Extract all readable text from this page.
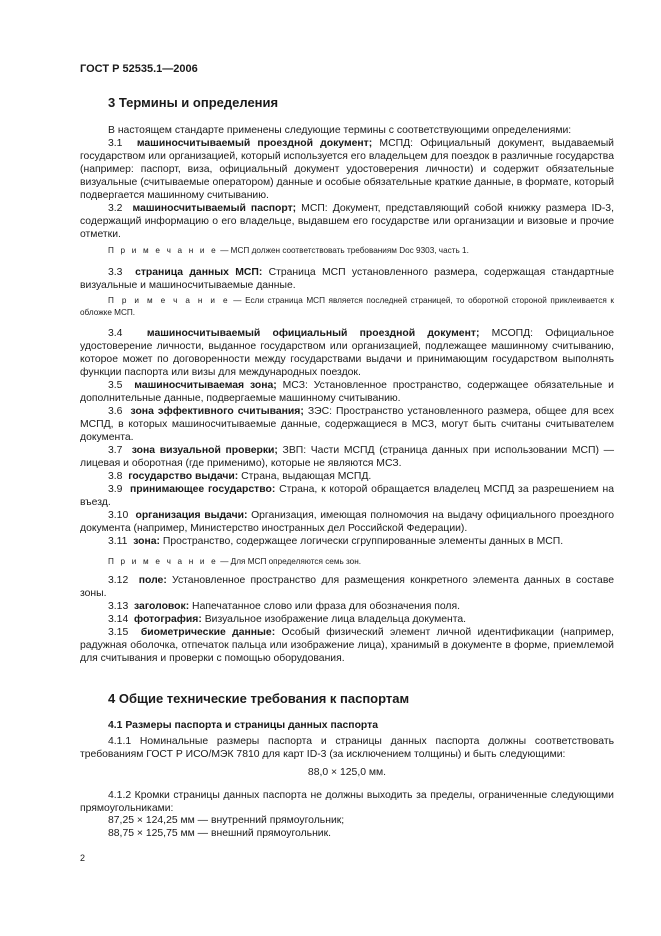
ГОСТ Р 52535.1—2006
3 Термины и определения
В настоящем стандарте применены следующие термины с соответствующими определениями:
3.1 машиносчитываемый проездной документ; МСПД: Официальный документ, выдаваемый государством или организацией, который используется его владельцем для поездок в различные государства (например: паспорт, виза, официальный документ удостоверения личности) и содержит обязательные визуальные (считываемые оператором) данные и особые обязательные краткие данные, в формате, который подвергается машинному считыванию.
3.2 машиносчитываемый паспорт; МСП: Документ, представляющий собой книжку размера ID-3, содержащий информацию о его владельце, выдавшем его государстве или организации и визовые и прочие отметки.
П р и м е ч а н и е — МСП должен соответствовать требованиям Doc 9303, часть 1.
3.3 страница данных МСП: Страница МСП установленного размера, содержащая стандартные визуальные и машиносчитываемые данные.
П р и м е ч а н и е — Если страница МСП является последней страницей, то оборотной стороной приклеивается к обложке МСП.
3.4 машиносчитываемый официальный проездной документ; МСОПД: Официальное удостоверение личности, выданное государством или организацией, подлежащее машинному считыванию, которое может по договоренности между государствами выдачи и принимающим государством выполнять функции паспорта или визы для международных поездок.
3.5 машиносчитываемая зона; МСЗ: Установленное пространство, содержащее обязательные и дополнительные данные, подвергаемые машинному считыванию.
3.6 зона эффективного считывания; ЗЭС: Пространство установленного размера, общее для всех МСПД, в которых машиносчитываемые данные, содержащиеся в МСЗ, могут быть считаны считывателем документа.
3.7 зона визуальной проверки; ЗВП: Части МСПД (страница данных при использовании МСП) — лицевая и оборотная (где применимо), которые не являются МСЗ.
3.8 государство выдачи: Страна, выдающая МСПД.
3.9 принимающее государство: Страна, к которой обращается владелец МСПД за разрешением на въезд.
3.10 организация выдачи: Организация, имеющая полномочия на выдачу официального проездного документа (например, Министерство иностранных дел Российской Федерации).
3.11 зона: Пространство, содержащее логически сгруппированные элементы данных в МСП.
П р и м е ч а н и е — Для МСП определяются семь зон.
3.12 поле: Установленное пространство для размещения конкретного элемента данных в составе зоны.
3.13 заголовок: Напечатанное слово или фраза для обозначения поля.
3.14 фотография: Визуальное изображение лица владельца документа.
3.15 биометрические данные: Особый физический элемент личной идентификации (например, радужная оболочка, отпечаток пальца или изображение лица), хранимый в документе в форме, приемлемой для считывания и проверки с помощью оборудования.
4 Общие технические требования к паспортам
4.1 Размеры паспорта и страницы данных паспорта
4.1.1 Номинальные размеры паспорта и страницы данных паспорта должны соответствовать требованиям ГОСТ Р ИСО/МЭК 7810 для карт ID-3 (за исключением толщины) и быть следующими:
88,0 × 125,0 мм.
4.1.2 Кромки страницы данных паспорта не должны выходить за пределы, ограниченные следующими прямоугольниками:
87,25 × 124,25 мм — внутренний прямоугольник;
88,75 × 125,75 мм — внешний прямоугольник.
2
